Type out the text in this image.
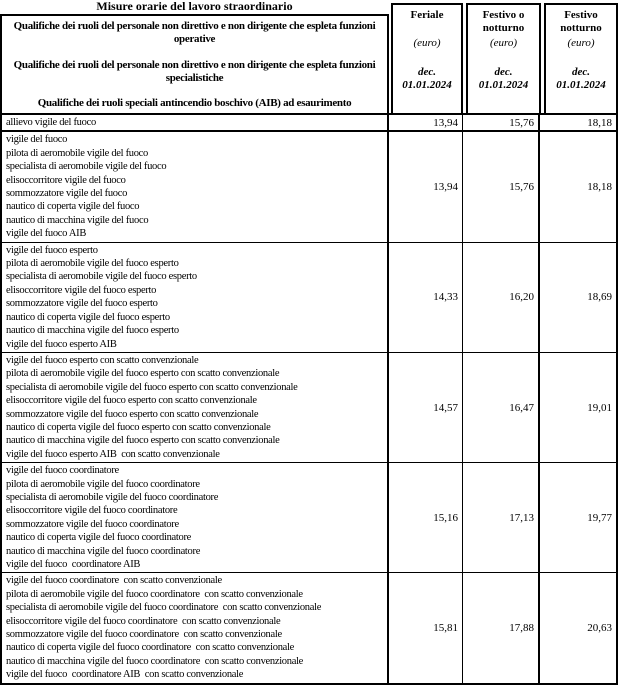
Misure orarie del lavoro straordinario
Qualifiche dei ruoli del personale non direttivo e non dirigente che espleta funzioni operative
Qualifiche dei ruoli del personale non direttivo e non dirigente che espleta funzioni specialistiche
Qualifiche dei ruoli speciali antincendio boschivo (AIB) ad esaurimento
Feriale
(euro)
dec.
01.01.2024
Festivo o notturno
(euro)
dec.
01.01.2024
Festivo notturno
(euro)
dec.
01.01.2024
allievo vigile del fuoco	13,94	15,76	18,18
vigile del fuoco
pilota di aeromobile vigile del fuoco
specialista di aeromobile vigile del fuoco
elisoccorritore vigile del fuoco
sommozzatore vigile del fuoco
nautico di coperta vigile del fuoco
nautico di macchina vigile del fuoco
vigile del fuoco AIB
13,94	15,76	18,18
vigile del fuoco esperto
pilota di aeromobile vigile del fuoco esperto
specialista di aeromobile vigile del fuoco esperto
elisoccorritore vigile del fuoco esperto
sommozzatore vigile del fuoco esperto
nautico di coperta vigile del fuoco esperto
nautico di macchina vigile del fuoco esperto
vigile del fuoco esperto AIB
14,33	16,20	18,69
vigile del fuoco esperto con scatto convenzionale
pilota di aeromobile vigile del fuoco esperto con scatto convenzionale
specialista di aeromobile vigile del fuoco esperto con scatto convenzionale
elisoccorritore vigile del fuoco esperto con scatto convenzionale
sommozzatore vigile del fuoco esperto con scatto convenzionale
nautico di coperta vigile del fuoco esperto con scatto convenzionale
nautico di macchina vigile del fuoco esperto con scatto convenzionale
vigile del fuoco esperto AIB  con scatto convenzionale
14,57	16,47	19,01
vigile del fuoco coordinatore
pilota di aeromobile vigile del fuoco coordinatore
specialista di aeromobile vigile del fuoco coordinatore
elisoccorritore vigile del fuoco coordinatore
sommozzatore vigile del fuoco coordinatore
nautico di coperta vigile del fuoco coordinatore
nautico di macchina vigile del fuoco coordinatore
vigile del fuoco  coordinatore AIB
15,16	17,13	19,77
vigile del fuoco coordinatore  con scatto convenzionale
pilota di aeromobile vigile del fuoco coordinatore  con scatto convenzionale
specialista di aeromobile vigile del fuoco coordinatore  con scatto convenzionale
elisoccorritore vigile del fuoco coordinatore  con scatto convenzionale
sommozzatore vigile del fuoco coordinatore  con scatto convenzionale
nautico di coperta vigile del fuoco coordinatore  con scatto convenzionale
nautico di macchina vigile del fuoco coordinatore  con scatto convenzionale
vigile del fuoco  coordinatore AIB  con scatto convenzionale
15,81	17,88	20,63
